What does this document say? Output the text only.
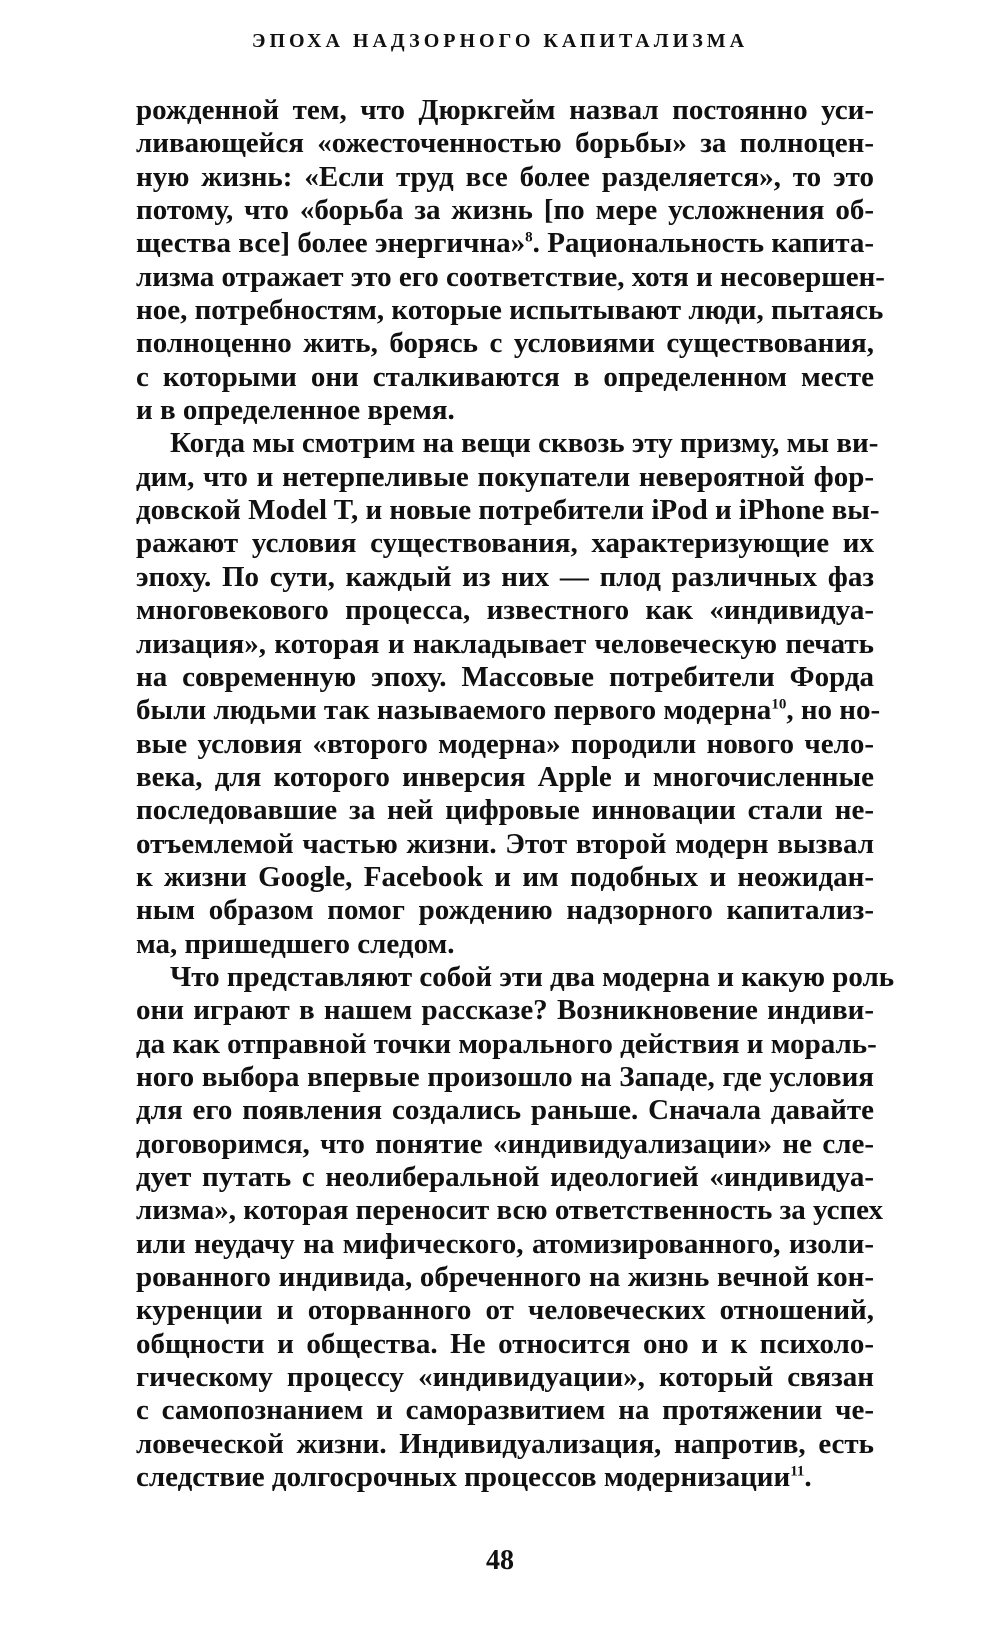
ЭПОХА НАДЗОРНОГО КАПИТАЛИЗМА
рожденной тем, что Дюркгейм назвал постоянно уси-
ливающейся «ожесточенностью борьбы» за полноцен-
ную жизнь: «Если труд все более разделяется», то это
потому, что «борьба за жизнь [по мере усложнения об-
щества все] более энергична»$^8$. Рациональность капита-
лизма отражает это его соответствие, хотя и несовершен-
ное, потребностям, которые испытывают люди, пытаясь
полноценно жить, борясь с условиями существования,
с которыми они сталкиваются в определенном месте
и в определенное время.
Когда мы смотрим на вещи сквозь эту призму, мы ви-
дим, что и нетерпеливые покупатели невероятной фор-
довской Model T, и новые потребители iPod и iPhone вы-
ражают условия существования, характеризующие их
эпоху. По сути, каждый из них — плод различных фаз
многовекового процесса, известного как «индивидуа-
лизация», которая и накладывает человеческую печать
на современную эпоху. Массовые потребители Форда
были людьми так называемого первого модерна$^{10}$, но но-
вые условия «второго модерна» породили нового чело-
века, для которого инверсия Apple и многочисленные
последовавшие за ней цифровые инновации стали не-
отъемлемой частью жизни. Этот второй модерн вызвал
к жизни Google, Facebook и им подобных и неожидан-
ным образом помог рождению надзорного капитализ-
ма, пришедшего следом.
Что представляют собой эти два модерна и какую роль
они играют в нашем рассказе? Возникновение индиви-
да как отправной точки морального действия и мораль-
ного выбора впервые произошло на Западе, где условия
для его появления создались раньше. Сначала давайте
договоримся, что понятие «индивидуализации» не сле-
дует путать с неолиберальной идеологией «индивидуа-
лизма», которая переносит всю ответственность за успех
или неудачу на мифического, атомизированного, изоли-
рованного индивида, обреченного на жизнь вечной кон-
куренции и оторванного от человеческих отношений,
общности и общества. Не относится оно и к психоло-
гическому процессу «индивидуации», который связан
с самопознанием и саморазвитием на протяжении че-
ловеческой жизни. Индивидуализация, напротив, есть
следствие долгосрочных процессов модернизации$^{11}$.
48
